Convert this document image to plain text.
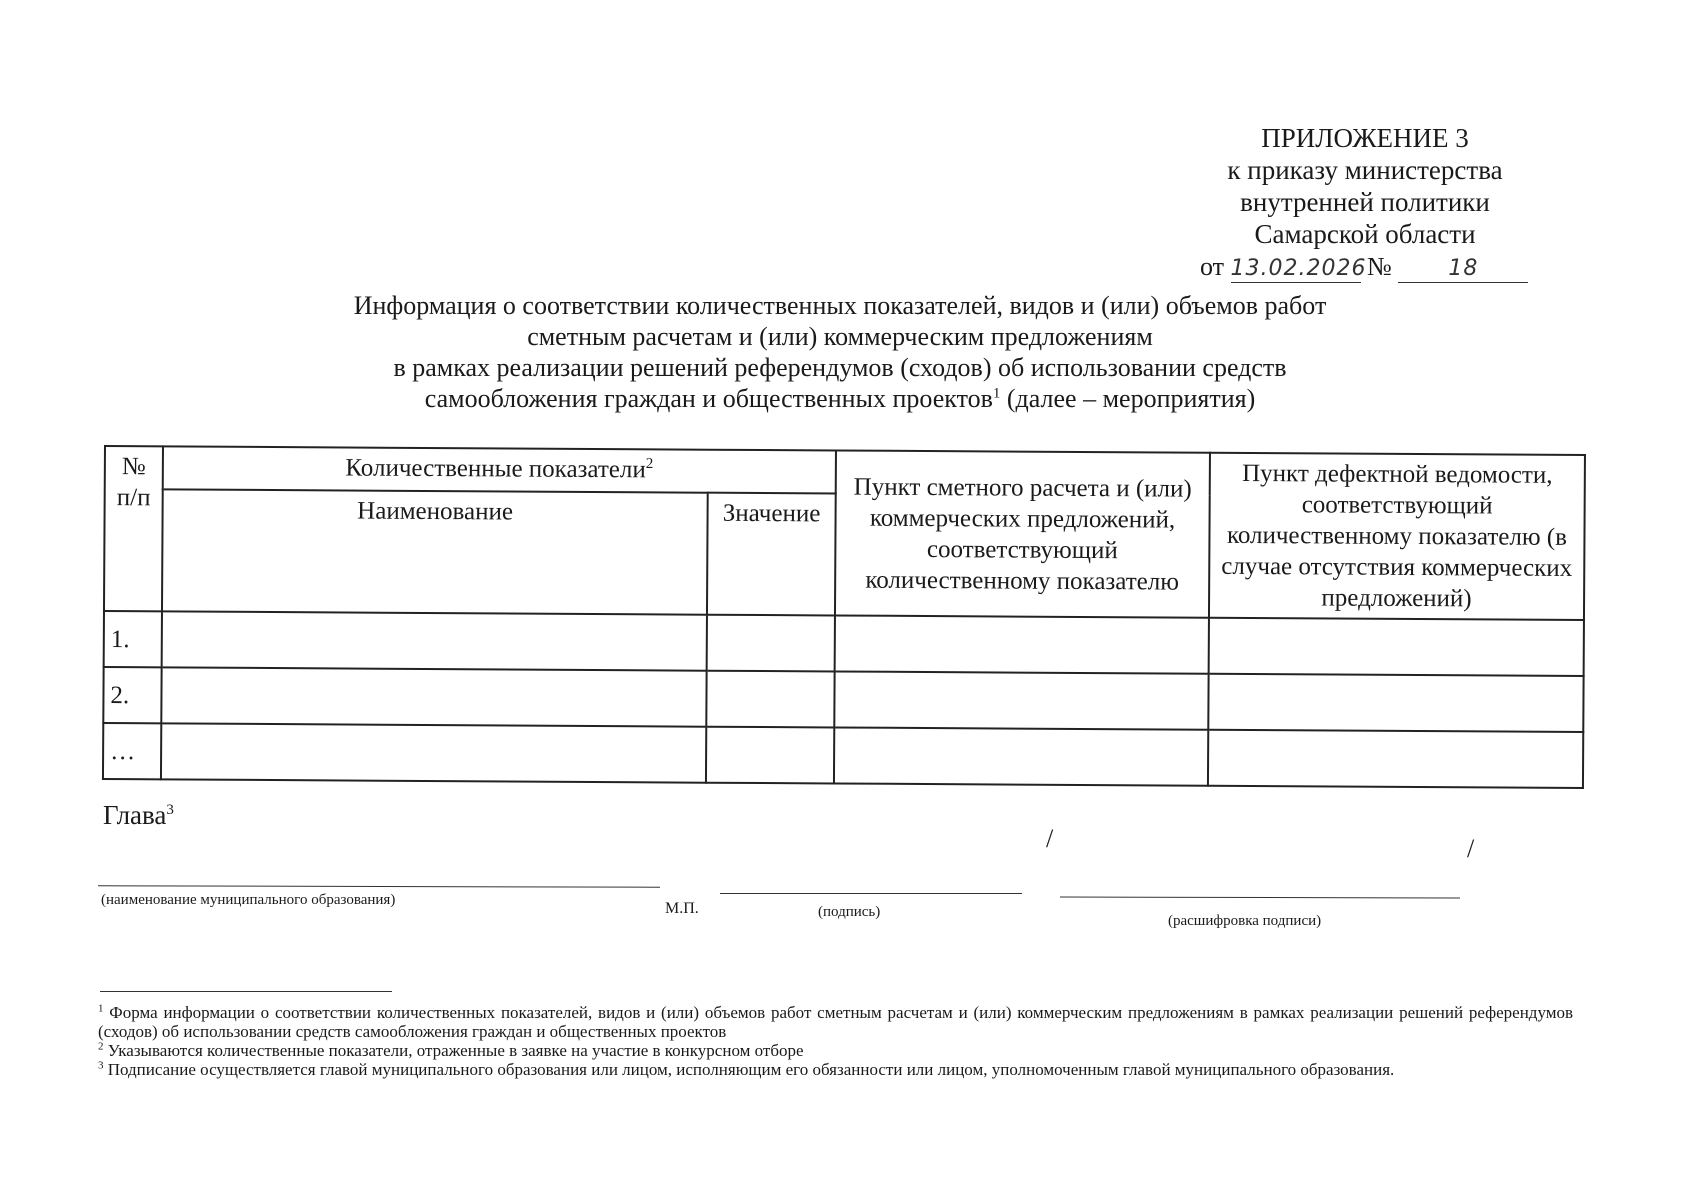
ПРИЛОЖЕНИЕ 3
к приказу министерства
внутренней политики
Самарской области
от 13.02.2026 №	18
Информация о соответствии количественных показателей, видов и (или) объемов работ
сметным расчетам и (или) коммерческим предложениям
в рамках реализации решений референдумов (сходов) об использовании средств
самообложения граждан и общественных проектов$^1$ (далее – мероприятия)
№ п/п	Количественные показатели$^2$		Пункт сметного расчета и (или) коммерческих предложений, соответствующий количественному показателю	Пункт дефектной ведомости, соответствующий количественному показателю (в случае отсутствия коммерческих предложений)
	Наименование	Значение		
1.				
2.				
…				
Глава$^3$
/	/
(наименование муниципального образования)	М.П.	(подпись)
(расшифровка подписи)

$^1$ Форма информации о соответствии количественных показателей, видов и (или) объемов работ сметным расчетам и (или) коммерческим предложениям в рамках реализации решений референдумов (сходов) об использовании средств самообложения граждан и общественных проектов

$^2$ Указываются количественные показатели, отраженные в заявке на участие в конкурсном отборе

$^3$ Подписание осуществляется главой муниципального образования или лицом, исполняющим его обязанности или лицом, уполномоченным главой муниципального образования.
